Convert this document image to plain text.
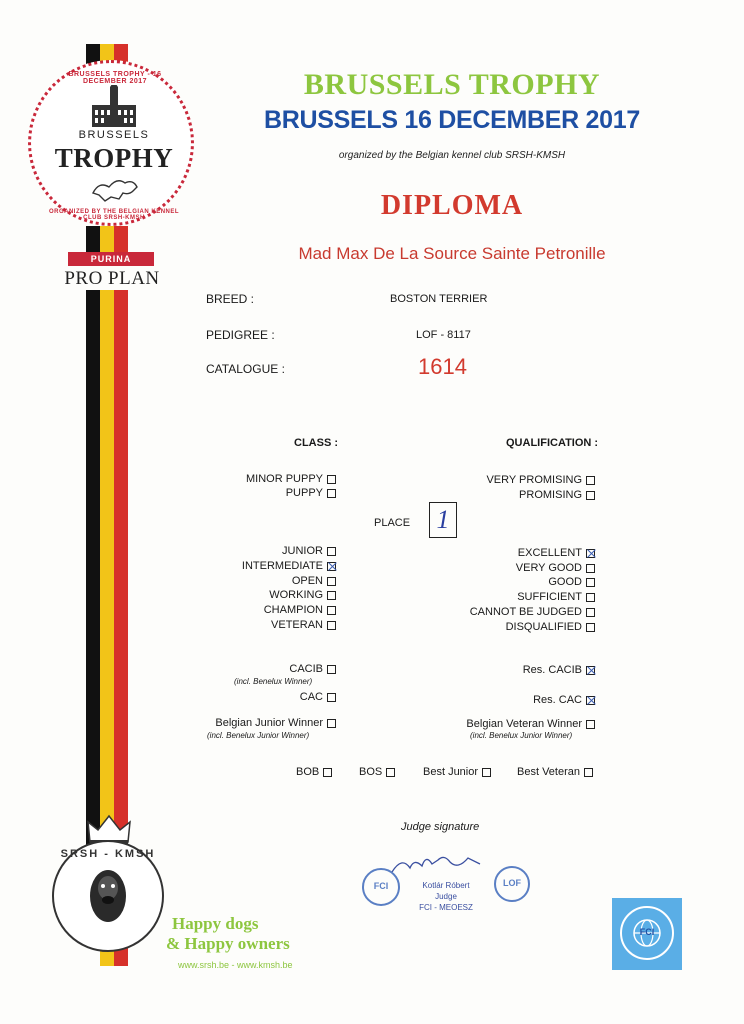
BRUSSELS TROPHY - 16 DECEMBER 2017
ORGANIZED BY THE BELGIAN KENNEL CLUB SRSH-KMSH
BRUSSELS
TROPHY
PURINA
PRO PLAN
BRUSSELS TROPHY
BRUSSELS 16 DECEMBER 2017
organized by the Belgian kennel club SRSH-KMSH
DIPLOMA
Mad Max De La Source Sainte Petronille
BREED :	BOSTON TERRIER
PEDIGREE :	LOF - 8117
CATALOGUE :	1614
CLASS :	QUALIFICATION :
MINOR PUPPY
PUPPY
VERY PROMISING
PROMISING
PLACE 1
JUNIOR
INTERMEDIATE
OPEN
WORKING
CHAMPION
VETERAN
EXCELLENT
VERY GOOD
GOOD
SUFFICIENT
CANNOT BE JUDGED
DISQUALIFIED
CACIB
(incl. Benelux Winner)
CAC
Res. CACIB
Res. CAC
Belgian Junior Winner
(incl. Benelux Junior Winner)
Belgian Veteran Winner
(incl. Benelux Junior Winner)
BOB	BOS	Best Junior	Best Veteran
Judge signature
FCI	Kotlár Róbert
Judge
FCI - MEOESZ
LOF
SRSH - KMSH
Happy dogs
& Happy owners
www.srsh.be - www.kmsh.be
FCI
